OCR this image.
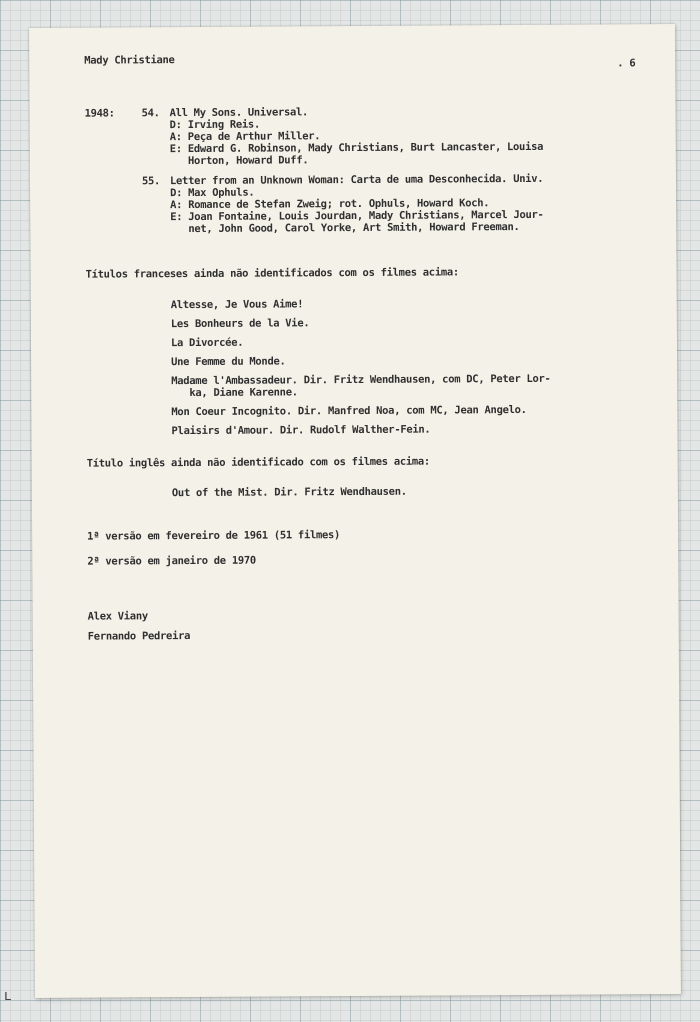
Mady Christiane	. 6
1948:	54. All My Sons. Universal.
D: Irving Reis.
A: Peça de Arthur Miller.
E: Edward G. Robinson, Mady Christians, Burt Lancaster, Louisa
Horton, Howard Duff.
55. Letter from an Unknown Woman: Carta de uma Desconhecida. Univ.
D: Max Ophuls.
A: Romance de Stefan Zweig; rot. Ophuls, Howard Koch.
E: Joan Fontaine, Louis Jourdan, Mady Christians, Marcel Jour-
net, John Good, Carol Yorke, Art Smith, Howard Freeman.
Títulos franceses ainda não identificados com os filmes acima:
Altesse, Je Vous Aime!
Les Bonheurs de la Vie.
La Divorcée.
Une Femme du Monde.
Madame l'Ambassadeur. Dir. Fritz Wendhausen, com DC, Peter Lor-
ka, Diane Karenne.
Mon Coeur Incognito. Dir. Manfred Noa, com MC, Jean Angelo.
Plaisirs d'Amour. Dir. Rudolf Walther-Fein.
Título inglês ainda não identificado com os filmes acima:
Out of the Mist. Dir. Fritz Wendhausen.
1ª versão em fevereiro de 1961 (51 filmes)
2ª versão em janeiro de 1970
Alex Viany
Fernando Pedreira
ʟ
